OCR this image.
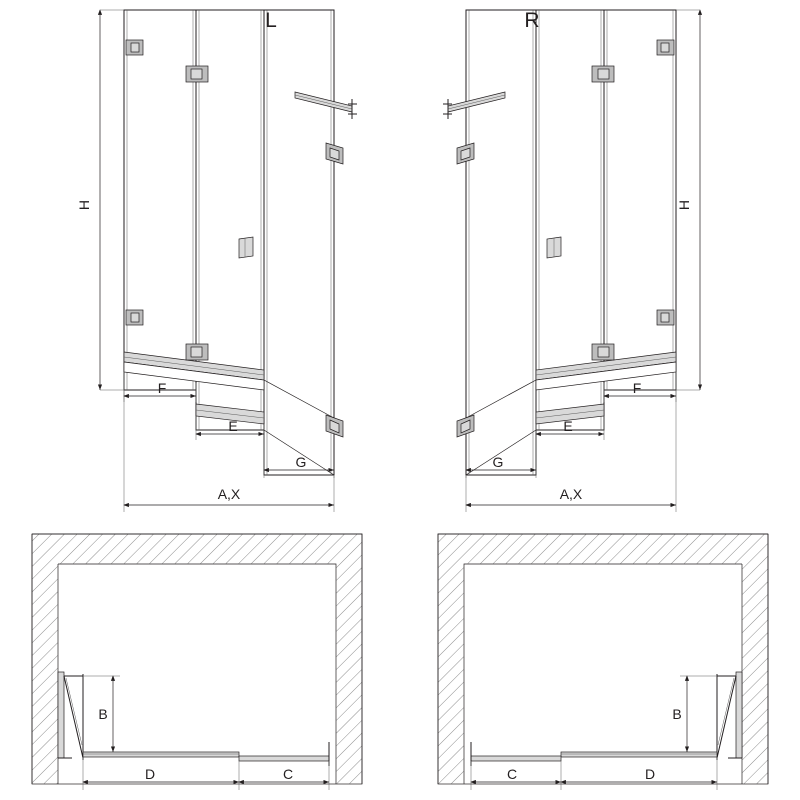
H
A,X
F
E
G
L
H
A,X
F
E
G
R
B
D	C
B
D
C
